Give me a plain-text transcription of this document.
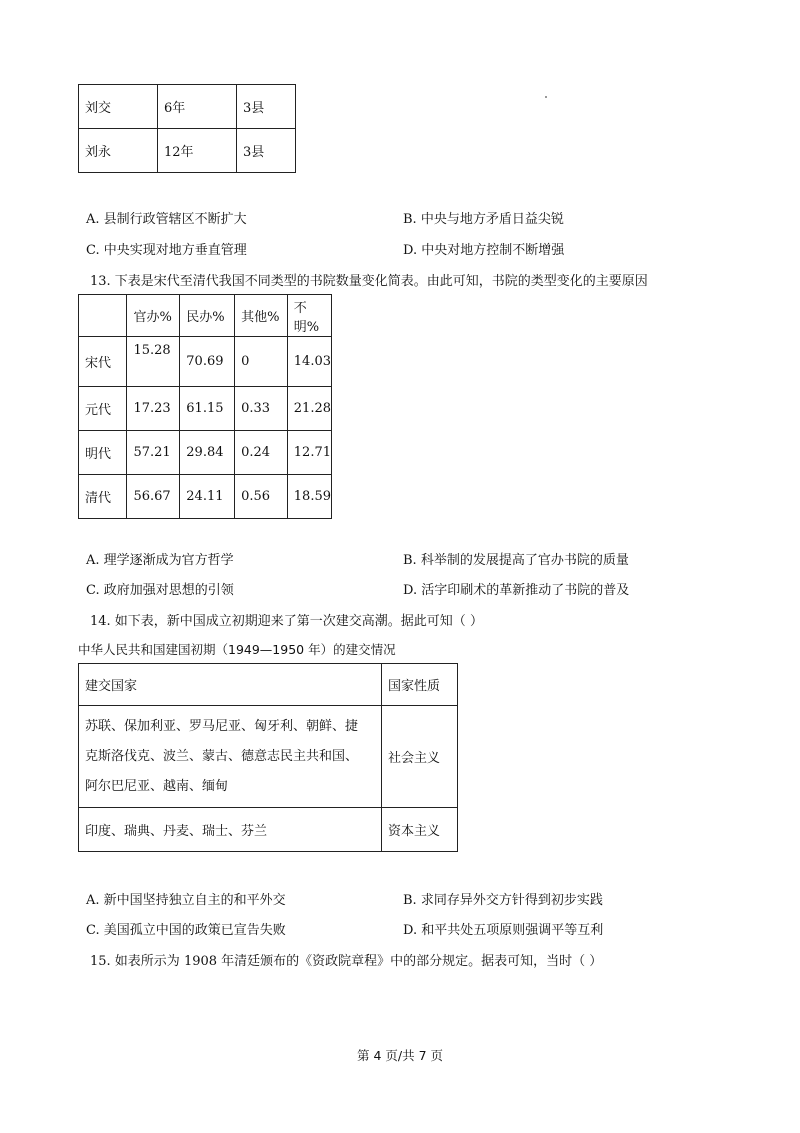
刘交	6年	3县
刘永	12年	3县
A. 县制行政管辖区不断扩大	B. 中央与地方矛盾日益尖锐
C. 中央实现对地方垂直管理	D. 中央对地方控制不断增强
13. 下表是宋代至清代我国不同类型的书院数量变化简表。由此可知，书院的类型变化的主要原因
	官办%	民办%	其他%	不明%
宋代	15.28	70.69	0	14.03
元代	17.23	61.15	0.33	21.28
明代	57.21	29.84	0.24	12.71
清代	56.67	24.11	0.56	18.59
A. 理学逐渐成为官方哲学	B. 科举制的发展提高了官办书院的质量
C. 政府加强对思想的引领	D. 活字印刷术的革新推动了书院的普及
14. 如下表，新中国成立初期迎来了第一次建交高潮。据此可知（ ）
中华人民共和国建国初期（1949—1950 年）的建交情况
建交国家	国家性质

苏联、保加利亚、罗马尼亚、匈牙利、朝鲜、捷
克斯洛伐克、波兰、蒙古、德意志民主共和国、
阿尔巴尼亚、越南、缅甸	社会主义

印度、瑞典、丹麦、瑞士、芬兰	资本主义
A. 新中国坚持独立自主的和平外交	B. 求同存异外交方针得到初步实践
C. 美国孤立中国的政策已宣告失败	D. 和平共处五项原则强调平等互利
15. 如表所示为 1908 年清廷颁布的《资政院章程》中的部分规定。据表可知，当时（ ）
第 4 页/共 7 页
